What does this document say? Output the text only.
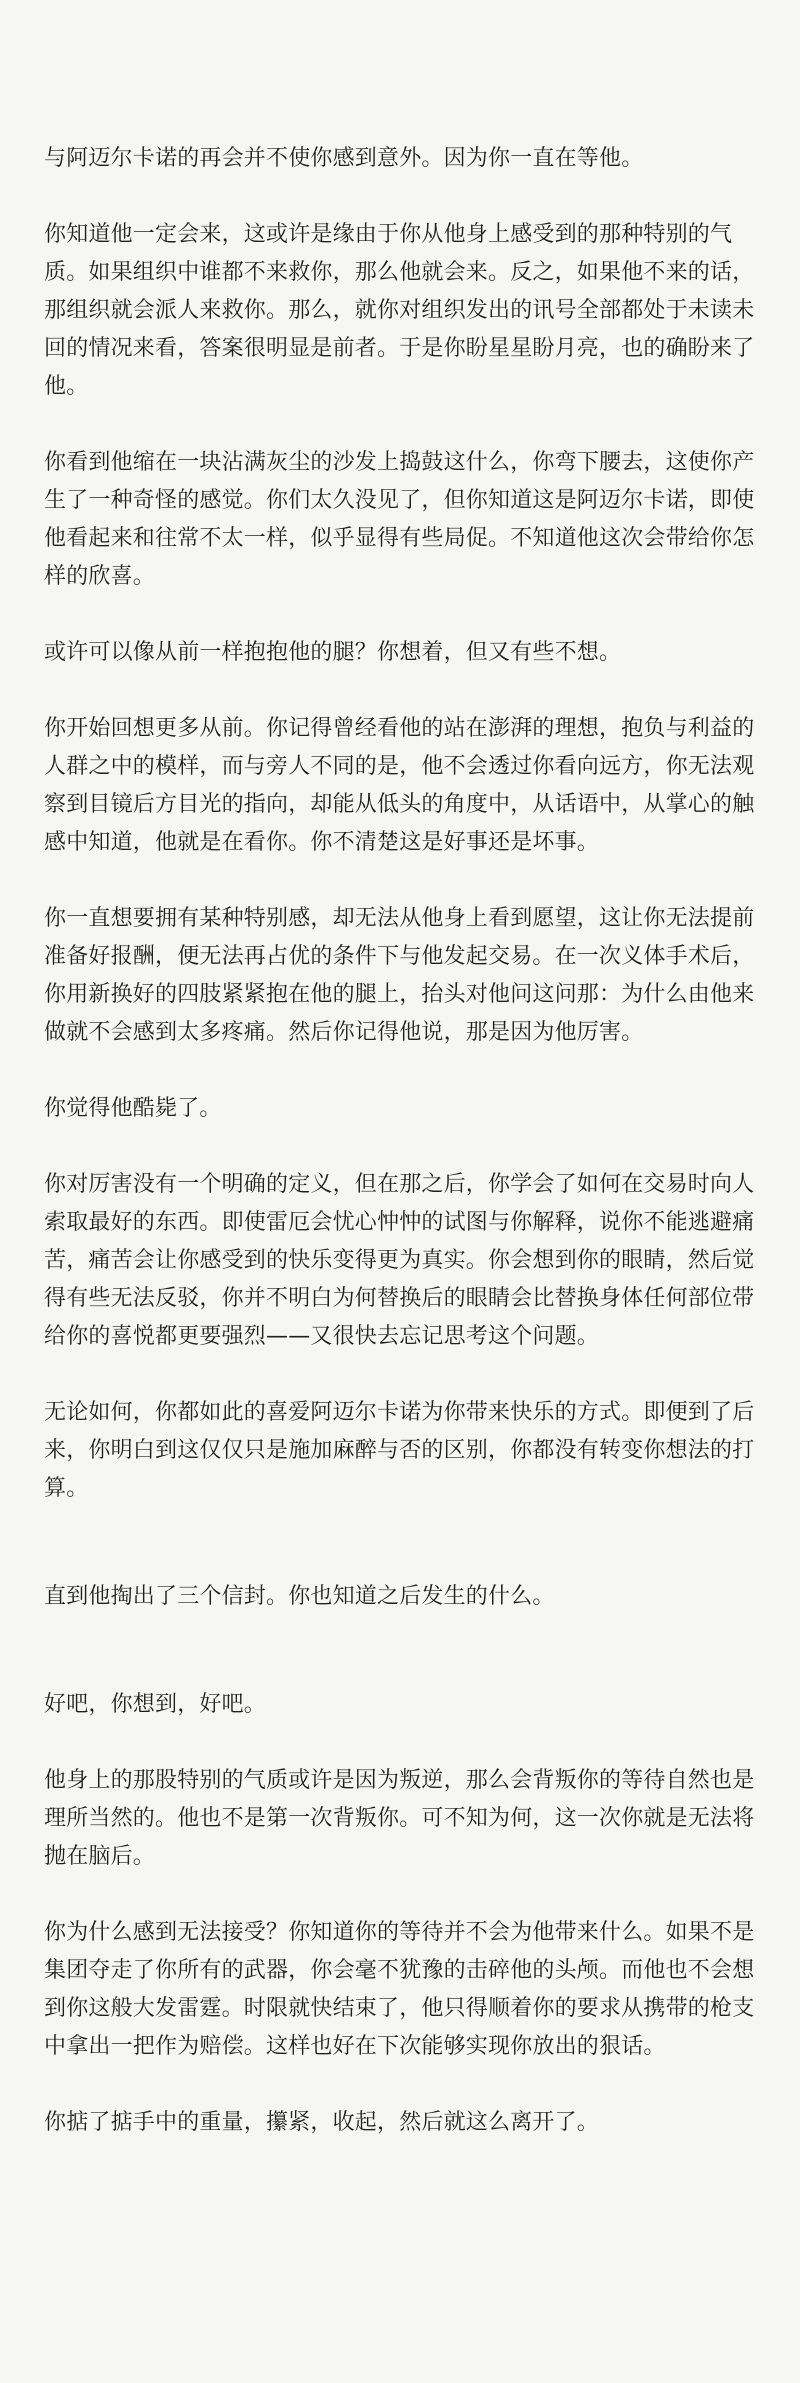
与阿迈尔卡诺的再会并不使你感到意外。因为你一直在等他。

你知道他一定会来，这或许是缘由于你从他身上感受到的那种特别的气质。如果组织中谁都不来救你，那么他就会来。反之，如果他不来的话，那组织就会派人来救你。那么，就你对组织发出的讯号全部都处于未读未回的情况来看，答案很明显是前者。于是你盼星星盼月亮，也的确盼来了他。

你看到他缩在一块沾满灰尘的沙发上捣鼓这什么，你弯下腰去，这使你产生了一种奇怪的感觉。你们太久没见了，但你知道这是阿迈尔卡诺，即使他看起来和往常不太一样，似乎显得有些局促。不知道他这次会带给你怎样的欣喜。

或许可以像从前一样抱抱他的腿？你想着，但又有些不想。

你开始回想更多从前。你记得曾经看他的站在澎湃的理想，抱负与利益的人群之中的模样，而与旁人不同的是，他不会透过你看向远方，你无法观察到目镜后方目光的指向，却能从低头的角度中，从话语中，从掌心的触感中知道，他就是在看你。你不清楚这是好事还是坏事。

你一直想要拥有某种特别感，却无法从他身上看到愿望，这让你无法提前准备好报酬，便无法再占优的条件下与他发起交易。在一次义体手术后，你用新换好的四肢紧紧抱在他的腿上，抬头对他问这问那：为什么由他来做就不会感到太多疼痛。然后你记得他说，那是因为他厉害。

你觉得他酷毙了。

你对厉害没有一个明确的定义，但在那之后，你学会了如何在交易时向人索取最好的东西。即使雷厄会忧心忡忡的试图与你解释，说你不能逃避痛苦，痛苦会让你感受到的快乐变得更为真实。你会想到你的眼睛，然后觉得有些无法反驳，你并不明白为何替换后的眼睛会比替换身体任何部位带给你的喜悦都更要强烈——又很快去忘记思考这个问题。

无论如何，你都如此的喜爱阿迈尔卡诺为你带来快乐的方式。即便到了后来，你明白到这仅仅只是施加麻醉与否的区别，你都没有转变你想法的打算。

直到他掏出了三个信封。你也知道之后发生的什么。

好吧，你想到，好吧。

他身上的那股特别的气质或许是因为叛逆，那么会背叛你的等待自然也是理所当然的。他也不是第一次背叛你。可不知为何，这一次你就是无法将抛在脑后。

你为什么感到无法接受？你知道你的等待并不会为他带来什么。如果不是集团夺走了你所有的武器，你会毫不犹豫的击碎他的头颅。而他也不会想到你这般大发雷霆。时限就快结束了，他只得顺着你的要求从携带的枪支中拿出一把作为赔偿。这样也好在下次能够实现你放出的狠话。

你掂了掂手中的重量，攥紧，收起，然后就这么离开了。
